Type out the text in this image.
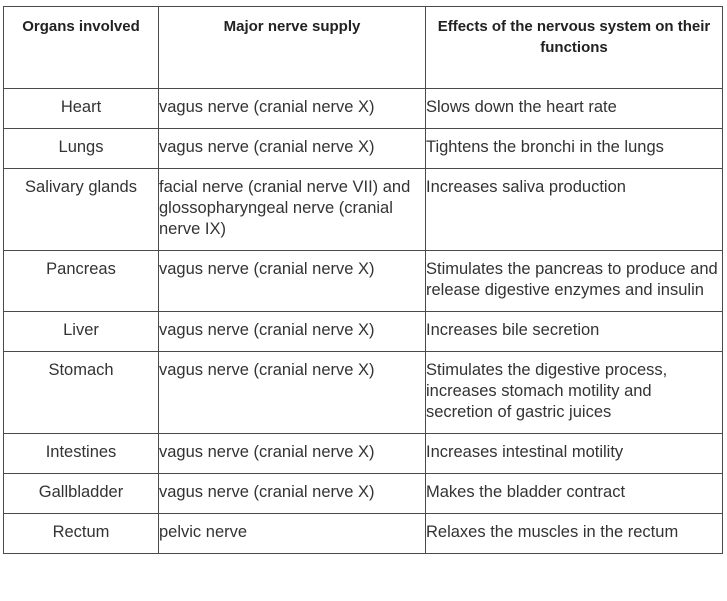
Organs involved	Major nerve supply	Effects of the nervous system on their functions
Heart	vagus nerve (cranial nerve X)	Slows down the heart rate
Lungs	vagus nerve (cranial nerve X)	Tightens the bronchi in the lungs
Salivary glands	facial nerve (cranial nerve VII) and glossopharyngeal nerve (cranial nerve IX)	Increases saliva production
Pancreas	vagus nerve (cranial nerve X)	Stimulates the pancreas to produce and release digestive enzymes and insulin
Liver	vagus nerve (cranial nerve X)	Increases bile secretion
Stomach	vagus nerve (cranial nerve X)	Stimulates the digestive process, increases stomach motility and secretion of gastric juices
Intestines	vagus nerve (cranial nerve X)	Increases intestinal motility
Gallbladder	vagus nerve (cranial nerve X)	Makes the bladder contract
Rectum	pelvic nerve	Relaxes the muscles in the rectum
